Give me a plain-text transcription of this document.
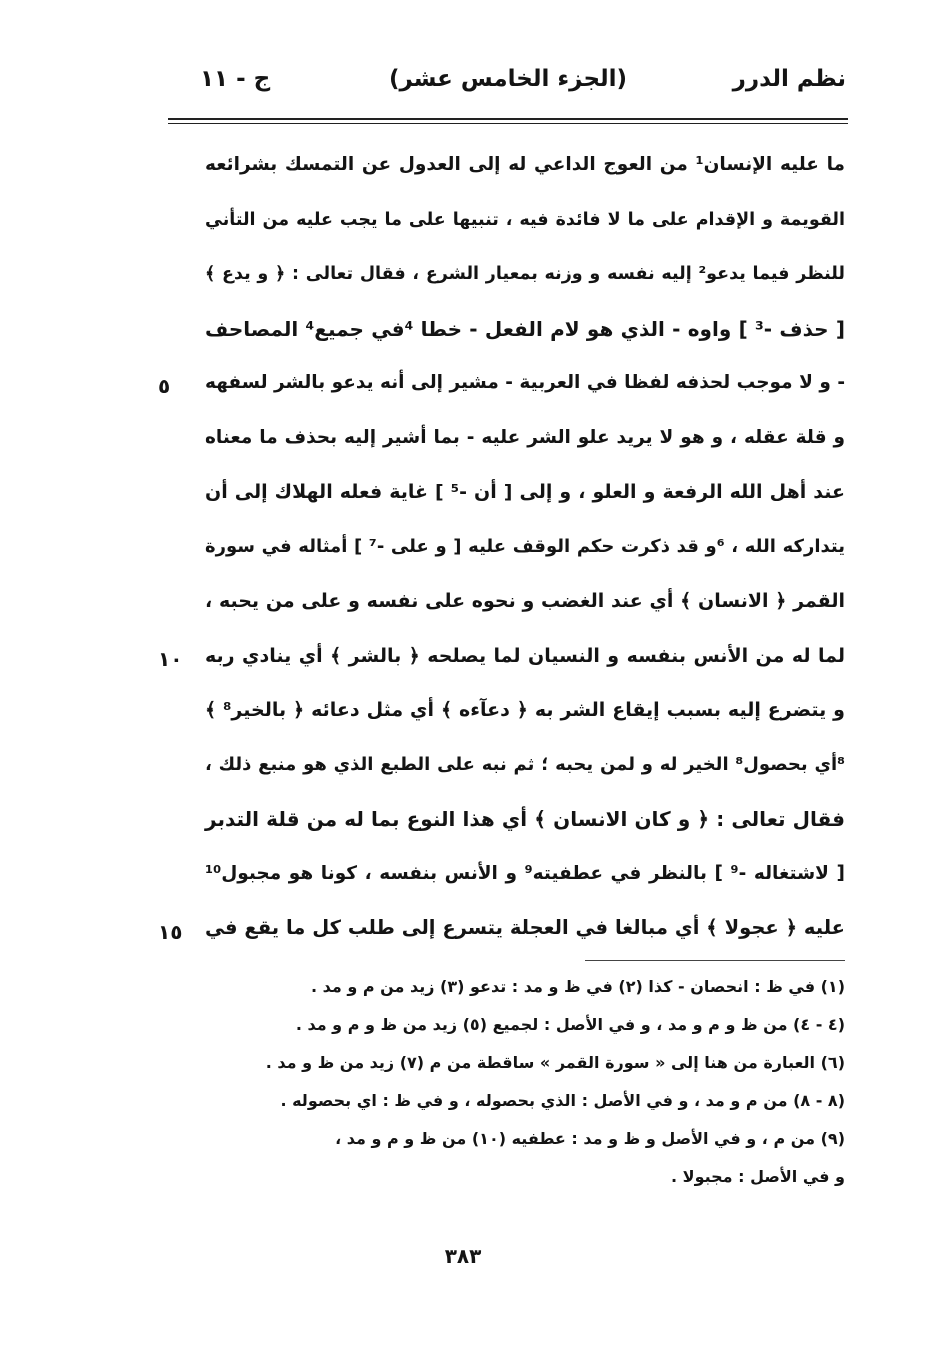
نظم الدرر
(الجزء الخامس عشر)
ج - ١١
ما عليه الإنسان¹ من العوج الداعي له إلى العدول عن التمسك بشرائعه
القويمة و الإقدام على ما لا فائدة فيه ، تنبيها على ما يجب عليه من التأني
للنظر فيما يدعو² إليه نفسه و وزنه بمعيار الشرع ، فقال تعالى : ﴿ و يدع ﴾
[ حذف -³ ] واوه - الذي هو لام الفعل - خطا ⁴في جميع⁴ المصاحف
- و لا موجب لحذفه لفظا في العربية - مشير إلى أنه يدعو بالشر لسفهه
و قلة عقله ، و هو لا يريد علو الشر عليه - بما أشير إليه بحذف ما معناه
عند أهل الله الرفعة و العلو ، و إلى [ أن -⁵ ] غاية فعله الهلاك إلى أن
يتداركه الله ، ⁶و قد ذكرت حكم الوقف عليه [ و على -⁷ ] أمثاله في سورة
القمر ﴿ الانسان ﴾ أي عند الغضب و نحوه على نفسه و على من يحبه ،
لما له من الأنس بنفسه و النسيان لما يصلحه ﴿ بالشر ﴾ أي ينادي ربه
و يتضرع إليه بسبب إيقاع الشر به ﴿ دعآءه ﴾ أي مثل دعائه ﴿ بالخير⁸ ﴾
⁸أي بحصول⁸ الخير له و لمن يحبه ؛ ثم نبه على الطبع الذي هو منبع ذلك ،
فقال تعالى : ﴿ و كان الانسان ﴾ أي هذا النوع بما له من قلة التدبر
[ لاشتغاله -⁹ ] بالنظر في عطفيته⁹ و الأنس بنفسه ، كونا هو مجبول¹⁰
عليه ﴿ عجولا ﴾ أي مبالغا في العجلة يتسرع إلى طلب كل ما يقع في
٥
١٠
١٥
(١) في ظ : انحصان - كذا (٢) في ظ و مد : تدعو (٣) زيد من م و مد .
(٤ - ٤) من ظ و م و مد ، و في الأصل : لجميع (٥) زيد من ظ و م و مد .
(٦) العبارة من هنا إلى « سورة القمر » ساقطة من م (٧) زيد من ظ و مد .
(٨ - ٨) من م و مد ، و في الأصل : الذي بحصوله ، و في ظ : اي بحصوله .
(٩) من م ، و في الأصل و ظ و مد : عطفيه (١٠) من ظ و م و مد ،
و في الأصل : مجبولا .
٣٨٣
